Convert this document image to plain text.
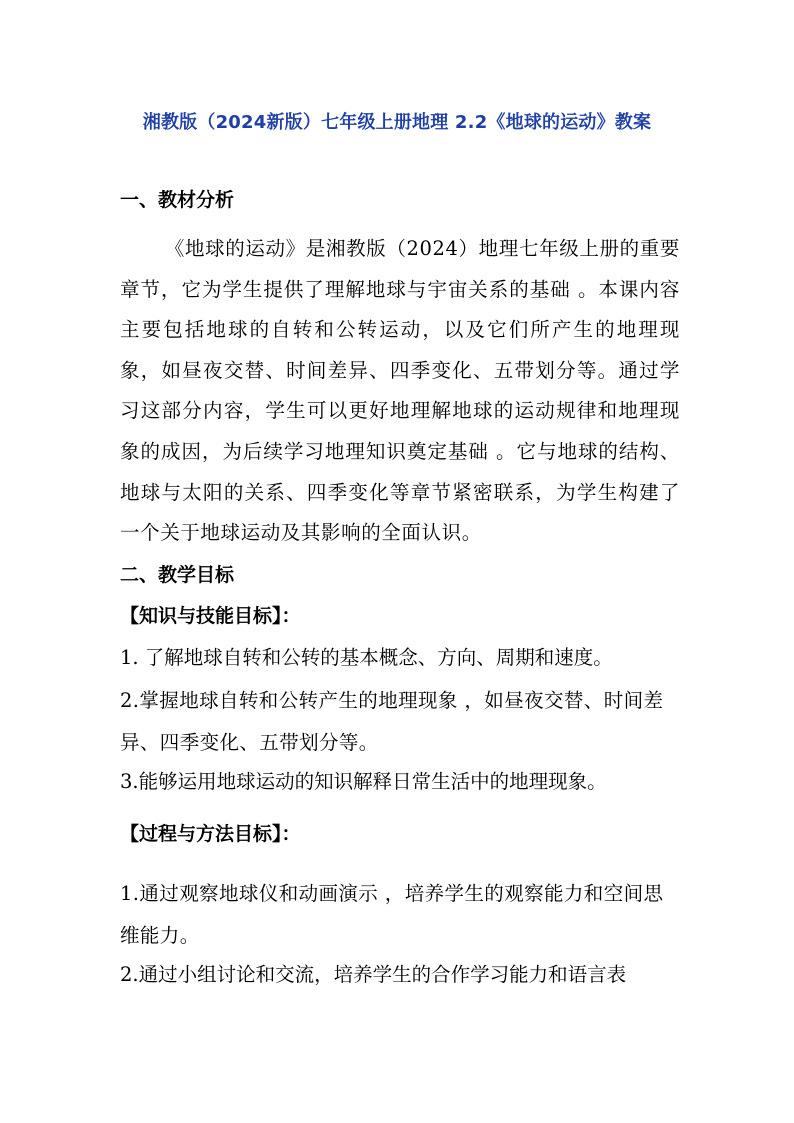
湘教版（2024新版）七年级上册地理 2.2《地球的运动》教案
一、教材分析
《地球的运动》是湘教版（2024）地理七年级上册的重要章节，它为学生提供了理解地球与宇宙关系的基础 。本课内容主要包括地球的自转和公转运动，以及它们所产生的地理现象，如昼夜交替、时间差异、四季变化、五带划分等。通过学习这部分内容，学生可以更好地理解地球的运动规律和地理现象的成因，为后续学习地理知识奠定基础 。它与地球的结构、地球与太阳的关系、四季变化等章节紧密联系，为学生构建了一个关于地球运动及其影响的全面认识。
二、教学目标
【知识与技能目标】：
1. 了解地球自转和公转的基本概念、方向、周期和速度。
2.掌握地球自转和公转产生的地理现象 ，如昼夜交替、时间差异、四季变化、五带划分等。
3.能够运用地球运动的知识解释日常生活中的地理现象。
【过程与方法目标】：
1.通过观察地球仪和动画演示 ，培养学生的观察能力和空间思维能力。
2.通过小组讨论和交流，培养学生的合作学习能力和语言表
